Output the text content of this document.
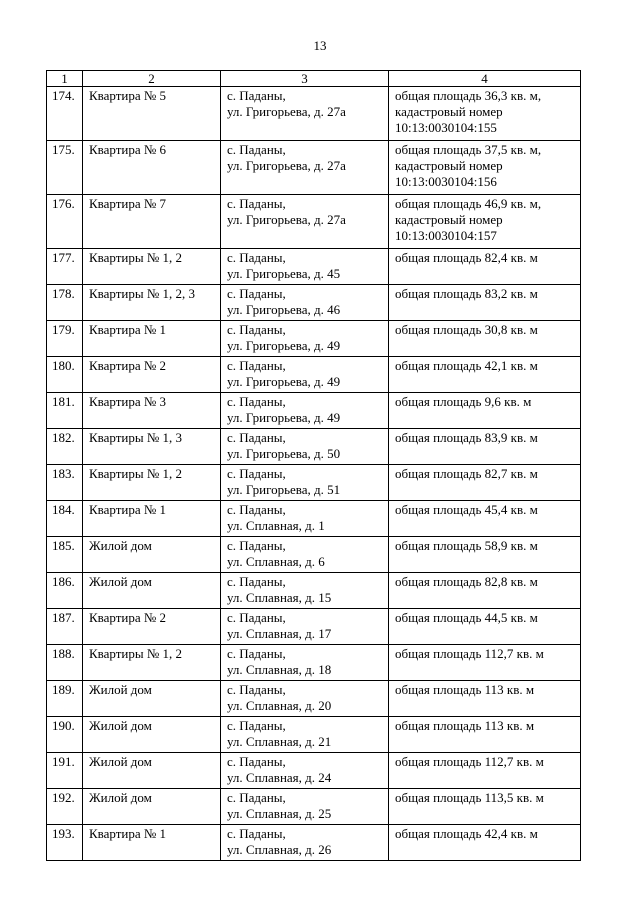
13
1	2	3	4
174.	Квартира № 5	с. Паданы,
ул. Григорьева, д. 27а	общая площадь 36,3 кв. м,
кадастровый номер
10:13:0030104:155

175.	Квартира № 6	с. Паданы,
ул. Григорьева, д. 27а	общая площадь 37,5 кв. м,
кадастровый номер
10:13:0030104:156

176.	Квартира № 7	с. Паданы,
ул. Григорьева, д. 27а	общая площадь 46,9 кв. м,
кадастровый номер
10:13:0030104:157

177.	Квартиры № 1, 2	с. Паданы,
ул. Григорьева, д. 45	общая площадь 82,4 кв. м

178.	Квартиры № 1, 2, 3	с. Паданы,
ул. Григорьева, д. 46	общая площадь 83,2 кв. м

179.	Квартира № 1	с. Паданы,
ул. Григорьева, д. 49	общая площадь 30,8 кв. м

180.	Квартира № 2	с. Паданы,
ул. Григорьева, д. 49	общая площадь 42,1 кв. м

181.	Квартира № 3	с. Паданы,
ул. Григорьева, д. 49	общая площадь 9,6 кв. м

182.	Квартиры № 1, 3	с. Паданы,
ул. Григорьева, д. 50	общая площадь 83,9 кв. м

183.	Квартиры № 1, 2	с. Паданы,
ул. Григорьева, д. 51	общая площадь 82,7 кв. м

184.	Квартира № 1	с. Паданы,
ул. Сплавная, д. 1	общая площадь 45,4 кв. м

185.	Жилой дом	с. Паданы,
ул. Сплавная, д. 6	общая площадь 58,9 кв. м

186.	Жилой дом	с. Паданы,
ул. Сплавная, д. 15	общая площадь 82,8 кв. м

187.	Квартира № 2	с. Паданы,
ул. Сплавная, д. 17	общая площадь 44,5 кв. м

188.	Квартиры № 1, 2	с. Паданы,
ул. Сплавная, д. 18	общая площадь 112,7 кв. м

189.	Жилой дом	с. Паданы,
ул. Сплавная, д. 20	общая площадь 113 кв. м

190.	Жилой дом	с. Паданы,
ул. Сплавная, д. 21	общая площадь 113 кв. м

191.	Жилой дом	с. Паданы,
ул. Сплавная, д. 24	общая площадь 112,7 кв. м

192.	Жилой дом	с. Паданы,
ул. Сплавная, д. 25	общая площадь 113,5 кв. м

193.	Квартира № 1	с. Паданы,
ул. Сплавная, д. 26	общая площадь 42,4 кв. м
